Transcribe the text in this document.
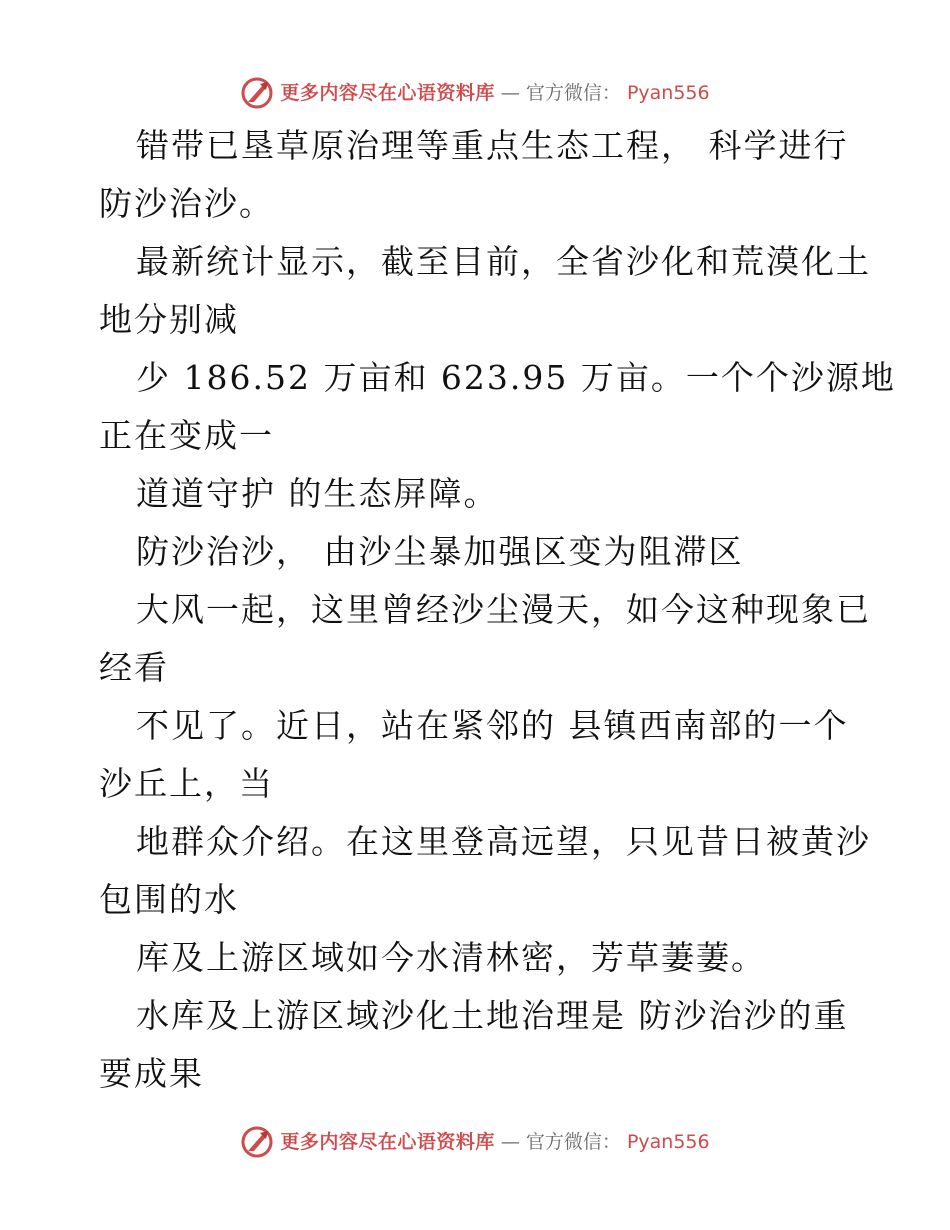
更多内容尽在心语资料库 — 官方微信： Pyan556
错带已垦草原治理等重点生态工程， 科学进行
防沙治沙。
最新统计显示，截至目前，全省沙化和荒漠化土
地分别减
少 186.52 万亩和 623.95 万亩。一个个沙源地
正在变成一
道道守护 的生态屏障。
防沙治沙， 由沙尘暴加强区变为阻滞区
大风一起，这里曾经沙尘漫天，如今这种现象已
经看
不见了。近日，站在紧邻的 县镇西南部的一个
沙丘上，当
地群众介绍。在这里登高远望，只见昔日被黄沙
包围的水
库及上游区域如今水清林密，芳草萋萋。
水库及上游区域沙化土地治理是 防沙治沙的重
要成果
更多内容尽在心语资料库 — 官方微信： Pyan556
